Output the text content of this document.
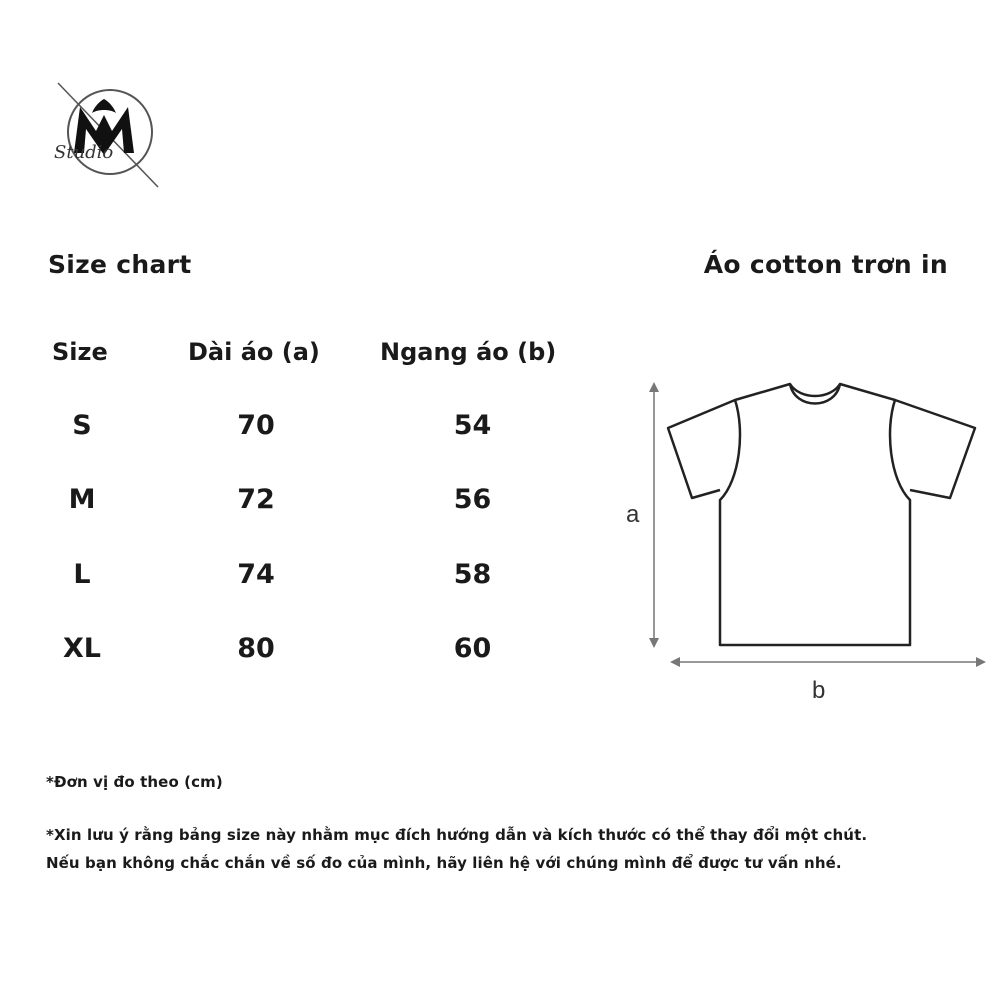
Studio
Size chart	Áo cotton trơn in
Size	Dài áo (a)	Ngang áo (b)
S	70	54
M	72	56
L	74	58
XL	80	60
a
b
*Đơn vị đo theo (cm)
*Xin lưu ý rằng bảng size này nhằm mục đích hướng dẫn và kích thước có thể thay đổi một chút.
Nếu bạn không chắc chắn về số đo của mình, hãy liên hệ với chúng mình để được tư vấn nhé.
